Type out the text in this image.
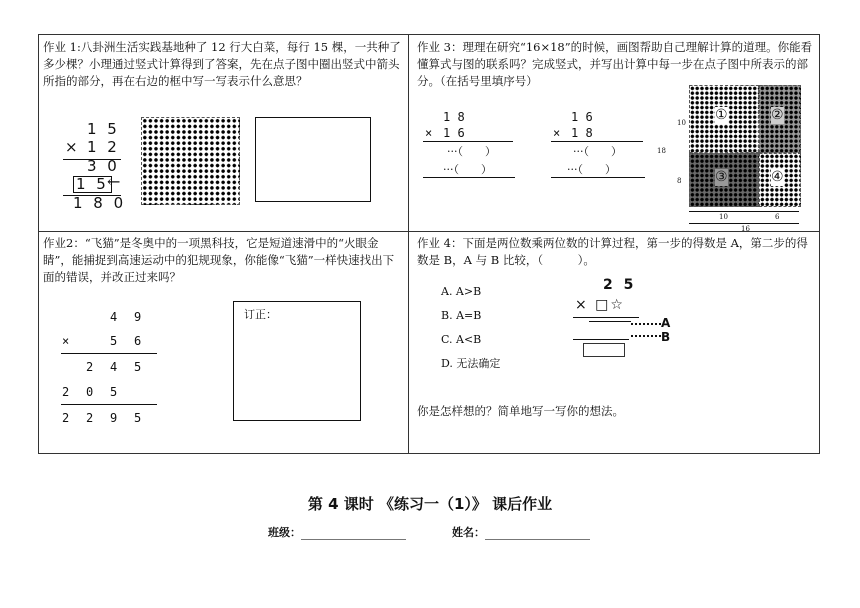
作业 1:八卦洲生活实践基地种了 12 行大白菜，每行 15 棵，一共种了多少棵？小理通过竖式计算得到了答案，先在点子图中圈出竖式中箭头所指的部分，再在右边的框中写一写表示什么意思？

1 5
× 1 2
3 0
1 5
←
1 8 0

作业 3：理理在研究“16×18”的时候，画图帮助自己理解计算的道理。你能看懂算式与图的联系吗？完成竖式，并写出计算中每一步在点子图中所表示的部分。（在括号里填序号）

1 8
× 1 6
···（　　）
···（　　）
1 6
× 1 8
···（　　）
···（　　）
10
8
18
①	②
③	④
10	6
16

作业2：“飞猫”是冬奥中的一项黑科技，它是短道速滑中的“火眼金睛”，能捕捉到高速运动中的犯规现象，你能像“飞猫”一样快速找出下面的错误，并改正过来吗？

		4	9
×		5	6
	2	4	5
2	0	5	
2	2	9	5
订正：

作业 4：下面是两位数乘两位数的计算过程，第一步的得数是 A，第二步的得数是 B，A 与 B 比较，（　　　）。

A. A>B
B. A=B
C. A<B
D. 无法确定
2 5
× □☆
A
B
你是怎样想的？简单地写一写你的想法。
第 4 课时 《练习一（1）》 课后作业
班级：	姓名：
